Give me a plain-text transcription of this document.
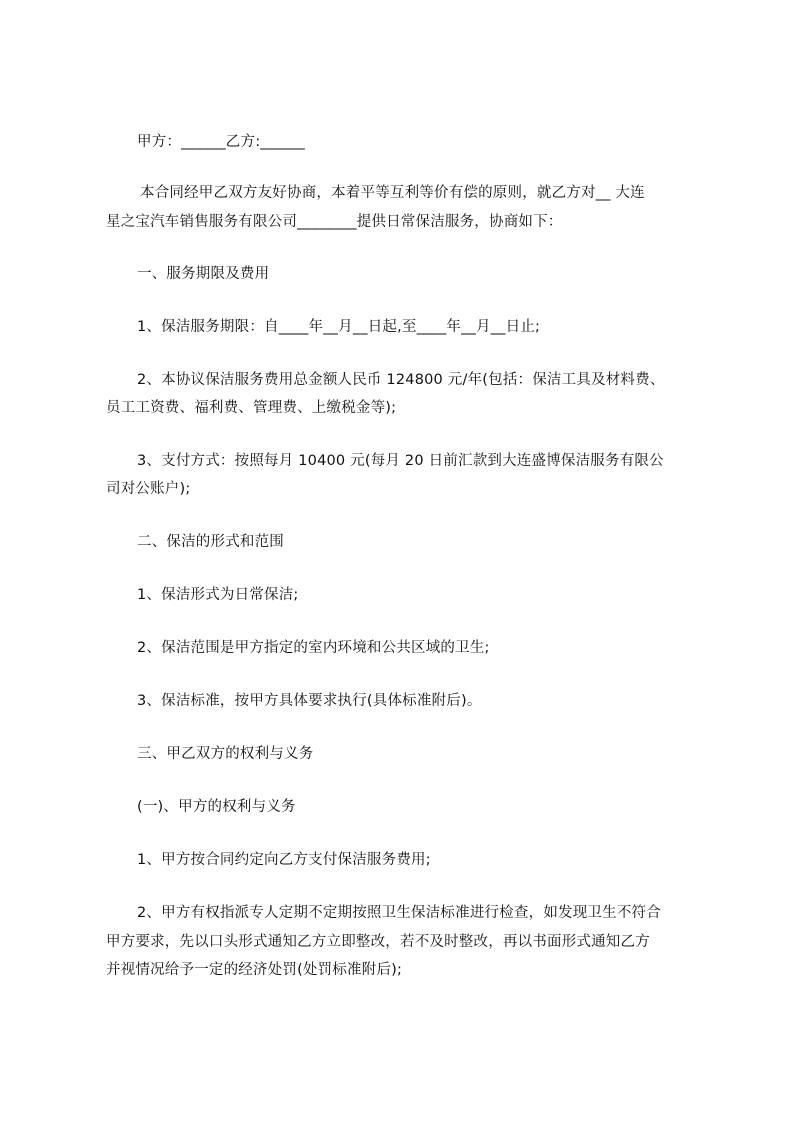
甲方：______乙方:______
本合同经甲乙双方友好协商，本着平等互利等价有偿的原则，就乙方对__ 大连
星之宝汽车销售服务有限公司________提供日常保洁服务，协商如下：
一、服务期限及费用
1、保洁服务期限：自____年__月__日起,至____年__月__日止;
2、本协议保洁服务费用总金额人民币 124800 元/年(包括：保洁工具及材料费、
员工工资费、福利费、管理费、上缴税金等);
3、支付方式：按照每月 10400 元(每月 20 日前汇款到大连盛博保洁服务有限公
司对公账户);
二、保洁的形式和范围
1、保洁形式为日常保洁;
2、保洁范围是甲方指定的室内环境和公共区域的卫生;
3、保洁标准，按甲方具体要求执行(具体标准附后)。
三、甲乙双方的权利与义务
(一)、甲方的权利与义务
1、甲方按合同约定向乙方支付保洁服务费用;
2、甲方有权指派专人定期不定期按照卫生保洁标准进行检查，如发现卫生不符合
甲方要求，先以口头形式通知乙方立即整改，若不及时整改，再以书面形式通知乙方
并视情况给予一定的经济处罚(处罚标准附后);
